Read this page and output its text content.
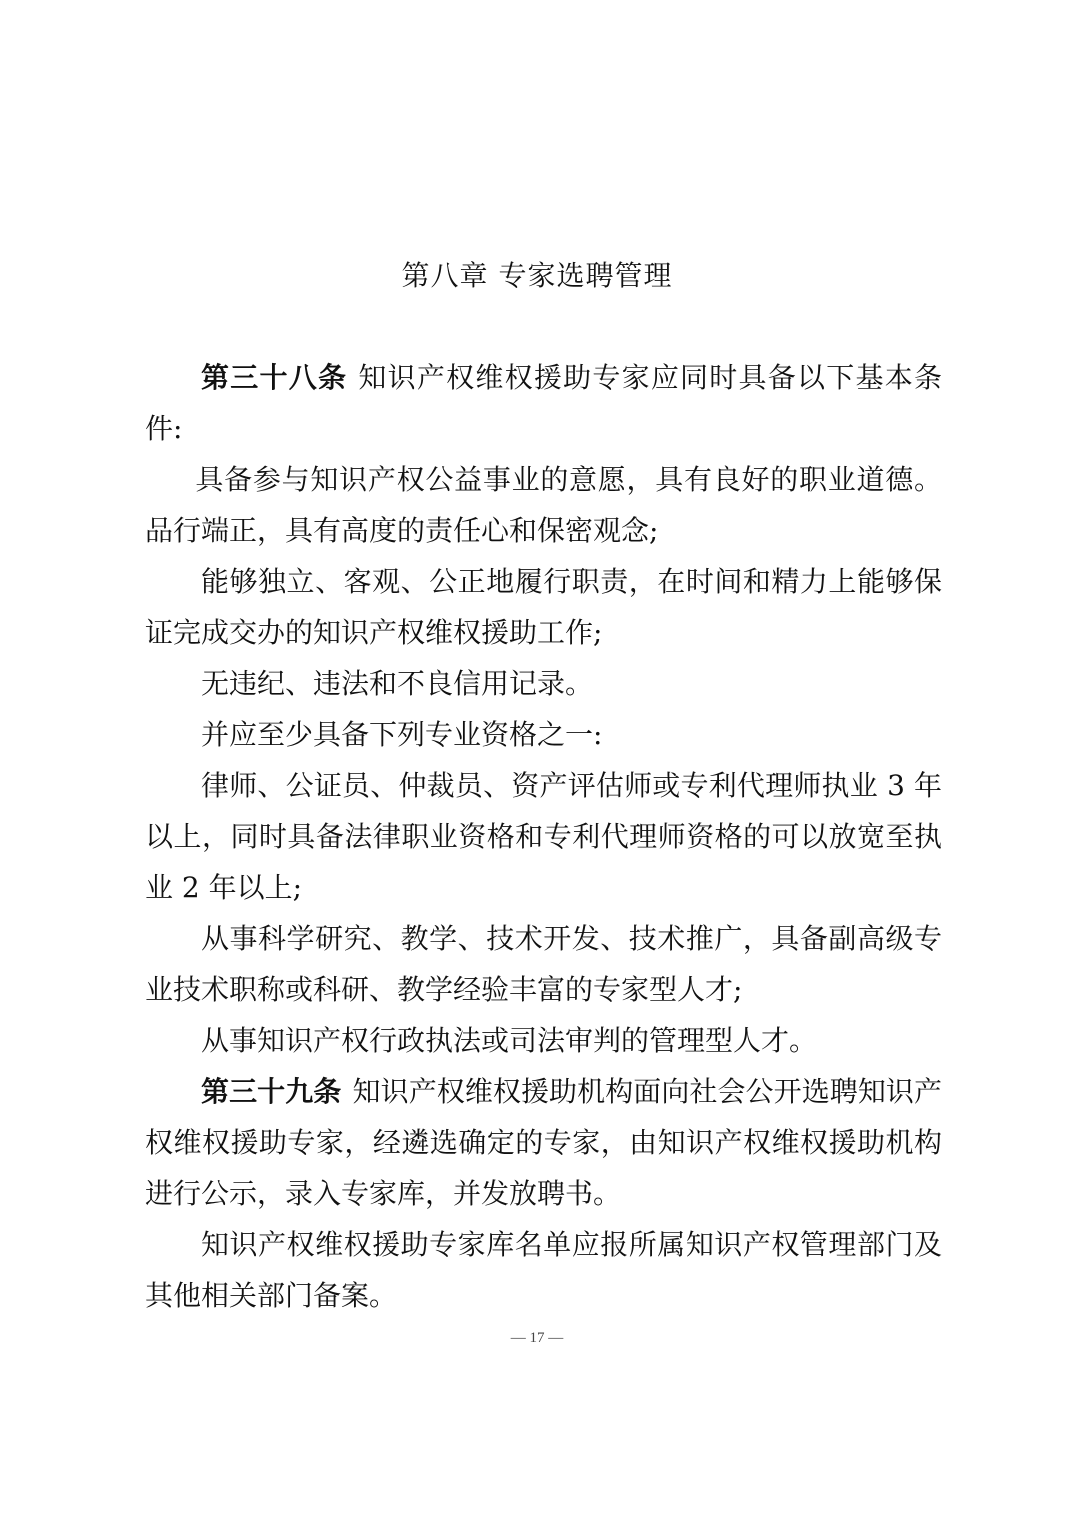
第八章 专家选聘管理

第三十八条 知识产权维权援助专家应同时具备以下基本条件:

具备参与知识产权公益事业的意愿，具有良好的职业道德。品行端正，具有高度的责任心和保密观念;

能够独立、客观、公正地履行职责，在时间和精力上能够保证完成交办的知识产权维权援助工作;

无违纪、违法和不良信用记录。

并应至少具备下列专业资格之一:

律师、公证员、仲裁员、资产评估师或专利代理师执业 3 年以上，同时具备法律职业资格和专利代理师资格的可以放宽至执业 2 年以上;

从事科学研究、教学、技术开发、技术推广，具备副高级专业技术职称或科研、教学经验丰富的专家型人才;

从事知识产权行政执法或司法审判的管理型人才。

第三十九条 知识产权维权援助机构面向社会公开选聘知识产权维权援助专家，经遴选确定的专家，由知识产权维权援助机构进行公示，录入专家库，并发放聘书。

知识产权维权援助专家库名单应报所属知识产权管理部门及其他相关部门备案。

— 17 —
